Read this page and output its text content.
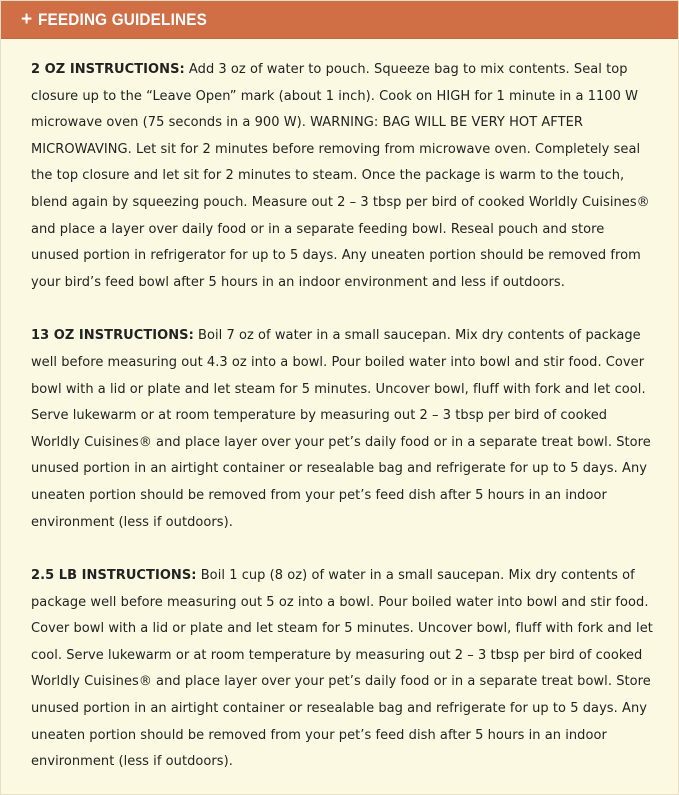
+ FEEDING GUIDELINES

2 OZ INSTRUCTIONS: Add 3 oz of water to pouch. Squeeze bag to mix contents. Seal top closure up to the “Leave Open” mark (about 1 inch). Cook on HIGH for 1 minute in a 1100 W microwave oven (75 seconds in a 900 W). WARNING: BAG WILL BE VERY HOT AFTER MICROWAVING. Let sit for 2 minutes before removing from microwave oven. Completely seal the top closure and let sit for 2 minutes to steam. Once the package is warm to the touch, blend again by squeezing pouch. Measure out 2 – 3 tbsp per bird of cooked Worldly Cuisines® and place a layer over daily food or in a separate feeding bowl. Reseal pouch and store unused portion in refrigerator for up to 5 days. Any uneaten portion should be removed from your bird’s feed bowl after 5 hours in an indoor environment and less if outdoors.

13 OZ INSTRUCTIONS: Boil 7 oz of water in a small saucepan. Mix dry contents of package well before measuring out 4.3 oz into a bowl. Pour boiled water into bowl and stir food. Cover bowl with a lid or plate and let steam for 5 minutes. Uncover bowl, fluff with fork and let cool. Serve lukewarm or at room temperature by measuring out 2 – 3 tbsp per bird of cooked Worldly Cuisines® and place layer over your pet’s daily food or in a separate treat bowl. Store unused portion in an airtight container or resealable bag and refrigerate for up to 5 days. Any uneaten portion should be removed from your pet’s feed dish after 5 hours in an indoor environment (less if outdoors).

2.5 LB INSTRUCTIONS: Boil 1 cup (8 oz) of water in a small saucepan. Mix dry contents of package well before measuring out 5 oz into a bowl. Pour boiled water into bowl and stir food. Cover bowl with a lid or plate and let steam for 5 minutes. Uncover bowl, fluff with fork and let cool. Serve lukewarm or at room temperature by measuring out 2 – 3 tbsp per bird of cooked Worldly Cuisines® and place layer over your pet’s daily food or in a separate treat bowl. Store unused portion in an airtight container or resealable bag and refrigerate for up to 5 days. Any uneaten portion should be removed from your pet’s feed dish after 5 hours in an indoor environment (less if outdoors).
